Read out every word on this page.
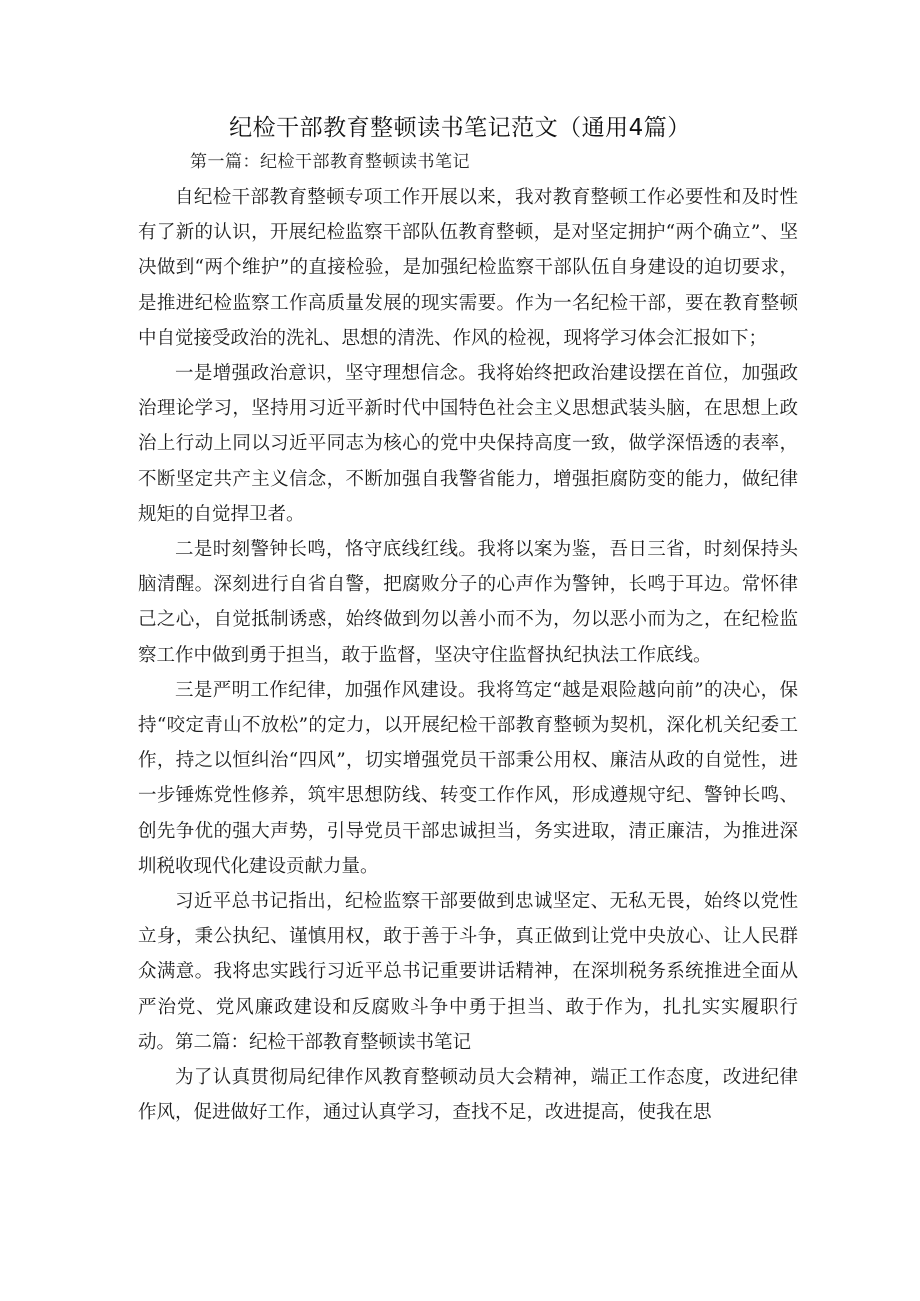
纪检干部教育整顿读书笔记范文（通用4篇）
第一篇：纪检干部教育整顿读书笔记

自纪检干部教育整顿专项工作开展以来，我对教育整顿工作必要性和及时性有了新的认识，开展纪检监察干部队伍教育整顿，是对坚定拥护“两个确立”、坚决做到“两个维护”的直接检验，是加强纪检监察干部队伍自身建设的迫切要求，是推进纪检监察工作高质量发展的现实需要。作为一名纪检干部，要在教育整顿中自觉接受政治的洗礼、思想的清洗、作风的检视，现将学习体会汇报如下；

一是增强政治意识，坚守理想信念。我将始终把政治建设摆在首位，加强政治理论学习，坚持用习近平新时代中国特色社会主义思想武装头脑，在思想上政治上行动上同以习近平同志为核心的党中央保持高度一致，做学深悟透的表率，不断坚定共产主义信念，不断加强自我警省能力，增强拒腐防变的能力，做纪律规矩的自觉捍卫者。

二是时刻警钟长鸣，恪守底线红线。我将以案为鉴，吾日三省，时刻保持头脑清醒。深刻进行自省自警，把腐败分子的心声作为警钟，长鸣于耳边。常怀律己之心，自觉抵制诱惑，始终做到勿以善小而不为，勿以恶小而为之，在纪检监察工作中做到勇于担当，敢于监督，坚决守住监督执纪执法工作底线。

三是严明工作纪律，加强作风建设。我将笃定“越是艰险越向前”的决心，保持“咬定青山不放松”的定力，以开展纪检干部教育整顿为契机，深化机关纪委工作，持之以恒纠治“四风”，切实增强党员干部秉公用权、廉洁从政的自觉性，进一步锤炼党性修养，筑牢思想防线、转变工作作风，形成遵规守纪、警钟长鸣、创先争优的强大声势，引导党员干部忠诚担当，务实进取，清正廉洁，为推进深圳税收现代化建设贡献力量。

习近平总书记指出，纪检监察干部要做到忠诚坚定、无私无畏，始终以党性立身，秉公执纪、谨慎用权，敢于善于斗争，真正做到让党中央放心、让人民群众满意。我将忠实践行习近平总书记重要讲话精神，在深圳税务系统推进全面从严治党、党风廉政建设和反腐败斗争中勇于担当、敢于作为，扎扎实实履职行动。第二篇：纪检干部教育整顿读书笔记

为了认真贯彻局纪律作风教育整顿动员大会精神，端正工作态度，改进纪律作风，促进做好工作，通过认真学习，查找不足，改进提高，使我在思
